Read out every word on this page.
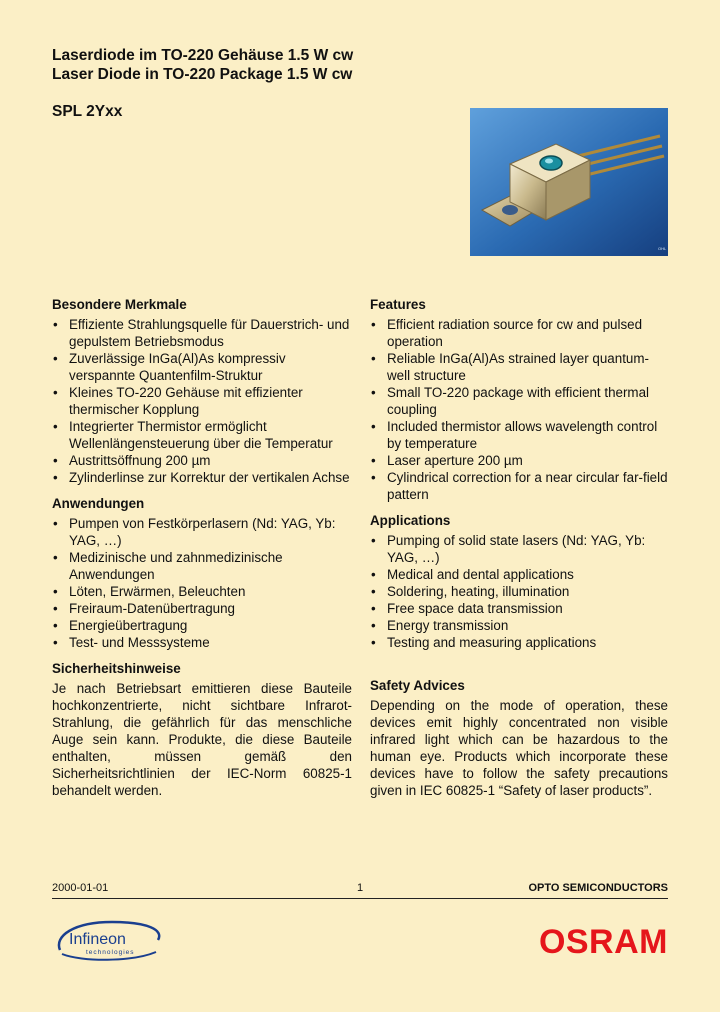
Laserdiode im TO-220 Gehäuse 1.5 W cw
Laser Diode in TO-220 Package 1.5 W cw
SPL 2Yxx
OHL
Besondere Merkmale
• Effiziente Strahlungsquelle für Dauerstrich- und gepulstem Betriebsmodus
• Zuverlässige InGa(Al)As kompressiv verspannte Quantenfilm-Struktur
• Kleines TO-220 Gehäuse mit effizienter thermischer Kopplung
• Integrierter Thermistor ermöglicht Wellenlängensteuerung über die Temperatur
• Austrittsöffnung 200 µm
• Zylinderlinse zur Korrektur der vertikalen Achse
Anwendungen
• Pumpen von Festkörperlasern (Nd: YAG, Yb: YAG, …)
• Medizinische und zahnmedizinische Anwendungen
• Löten, Erwärmen, Beleuchten
• Freiraum-Datenübertragung
• Energieübertragung
• Test- und Messsysteme
Sicherheitshinweise
Je nach Betriebsart emittieren diese Bauteile hochkonzentrierte, nicht sichtbare Infrarot-Strahlung, die gefährlich für das menschliche Auge sein kann. Produkte, die diese Bauteile enthalten, müssen gemäß den Sicherheitsrichtlinien der IEC-Norm 60825-1 behandelt werden.
Features
• Efficient radiation source for cw and pulsed operation
• Reliable InGa(Al)As strained layer quantum-well structure
• Small TO-220 package with efficient thermal coupling
• Included thermistor allows wavelength control by temperature
• Laser aperture 200 µm
• Cylindrical correction for a near circular far-field pattern
Applications
• Pumping of solid state lasers (Nd: YAG, Yb: YAG, …)
• Medical and dental applications
• Soldering, heating, illumination
• Free space data transmission
• Energy transmission
• Testing and measuring applications
Safety Advices
Depending on the mode of operation, these devices emit highly concentrated non visible infrared light which can be hazardous to the human eye. Products which incorporate these devices have to follow the safety precautions given in IEC 60825-1 “Safety of laser products”.
2000-01-01	1	OPTO SEMICONDUCTORS
Infineon
technologies	OSRAM
